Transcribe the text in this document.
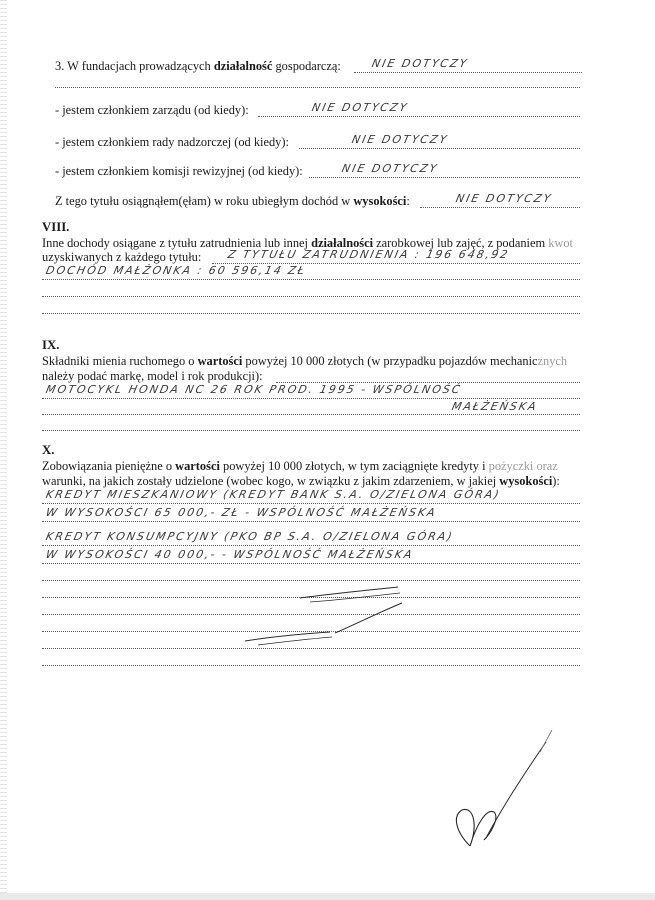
3. W fundacjach prowadzących działalność gospodarczą:	NIE DOTYCZY
- jestem członkiem zarządu (od kiedy):	NIE DOTYCZY
- jestem członkiem rady nadzorczej (od kiedy):	NIE DOTYCZY
- jestem członkiem komisji rewizyjnej (od kiedy):	NIE DOTYCZY
Z tego tytułu osiągnąłem(ęłam) w roku ubiegłym dochód w wysokości:	NIE DOTYCZY
VIII.
Inne dochody osiągane z tytułu zatrudnienia lub innej działalności zarobkowej lub zajęć, z podaniem kwot
uzyskiwanych z każdego tytułu: Z TYTUŁU ZATRUDNIENIA : 196 648,92
DOCHÓD MAŁŻONKA : 60 596,14 ZŁ
IX.
Składniki mienia ruchomego o wartości powyżej 10 000 złotych (w przypadku pojazdów mechanicznych
należy podać markę, model i rok produkcji):
MOTOCYKL HONDA NC 26 ROK PROD. 1995 - WSPÓLNOŚĆ
MAŁŻEŃSKA
X.
Zobowiązania pieniężne o wartości powyżej 10 000 złotych, w tym zaciągnięte kredyty i pożyczki oraz
warunki, na jakich zostały udzielone (wobec kogo, w związku z jakim zdarzeniem, w jakiej wysokości):
KREDYT MIESZKANIOWY (KREDYT BANK S.A. O/ZIELONA GÓRA)
W WYSOKOŚCI 65 000,- ZŁ - WSPÓLNOŚĆ MAŁŻEŃSKA
KREDYT KONSUMPCYJNY (PKO BP S.A. O/ZIELONA GÓRA)
W WYSOKOŚCI 40 000,- - WSPÓLNOŚĆ MAŁŻEŃSKA
